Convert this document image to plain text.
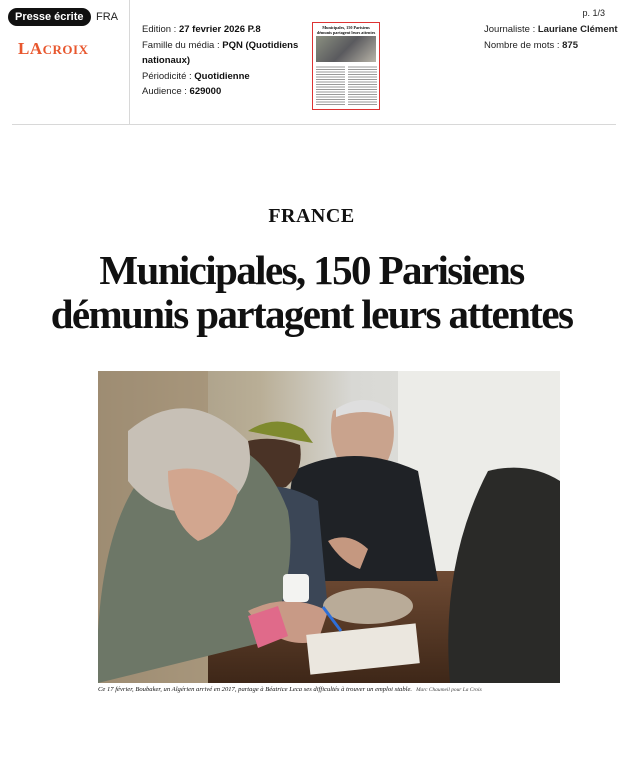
Presse écrite	FRA
LACROIX
Edition : 27 fevrier 2026 P.8
Famille du média : PQN (Quotidiens nationaux)
Périodicité : Quotidienne
Audience : 629000
Municipales, 150 Parisiens démunis partagent leurs attentes	Journaliste : Lauriane Clément
Nombre de mots : 875
p. 1/3
FRANCE
Municipales, 150 Parisiens
démunis partagent leurs attentes
Ce 17 février, Boubaker, un Algérien arrivé en 2017, partage à Béatrice Leca ses difficultés à trouver un emploi stable. Marc Chaumeil pour La Croix
